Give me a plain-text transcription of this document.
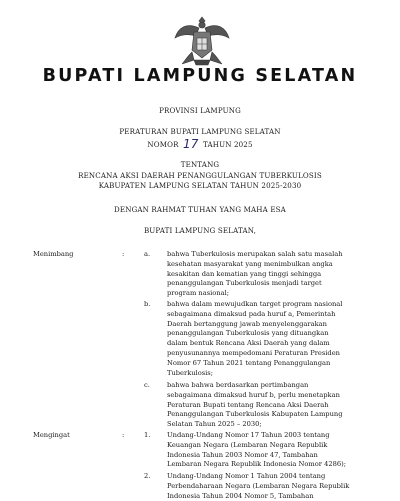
BUPATI LAMPUNG SELATAN
PROVINSI LAMPUNG
PERATURAN BUPATI LAMPUNG SELATAN
NOMOR 17 TAHUN 2025
TENTANG
RENCANA AKSI DAERAH PENANGGULANGAN TUBERKULOSIS
KABUPATEN LAMPUNG SELATAN TAHUN 2025-2030
DENGAN RAHMAT TUHAN YANG MAHA ESA
BUPATI LAMPUNG SELATAN,
Menimbang	:	a.	bahwa Tuberkulosis merupakan salah satu masalah
kesehatan masyarakat yang menimbulkan angka
kesakitan dan kematian yang tinggi sehingga
penanggulangan Tuberkulosis menjadi target
program nasional;
b. bahwa dalam mewujudkan target program nasional
sebagaimana dimaksud pada huruf a, Pemerintah
Daerah bertanggung jawab menyelenggarakan
penanggulangan Tuberkulosis yang dituangkan
dalam bentuk Rencana Aksi Daerah yang dalam
penyusunannya mempedomani Peraturan Presiden
Nomor 67 Tahun 2021 tentang Penanggulangan
Tuberkulosis;
c.	bahwa bahwa berdasarkan pertimbangan
sebagaimana dimaksud huruf b, perlu menetapkan
Peraturan Bupati tentang Rencana Aksi Daerah
Penanggulangan Tuberkulosis Kabupaten Lampung
Selatan Tahun 2025 – 2030;
Mengingat	:	1. Undang-Undang Nomor 17 Tahun 2003 tentang
Keuangan Negara (Lembaran Negara Republik
Indonesia Tahun 2003 Nomor 47, Tambahan
Lembaran Negara Republik Indonesia Nomor 4286);
2. Undang-Undang Nomor 1 Tahun 2004 tentang
Perbendaharaan Negara (Lembaran Negara Republik
Indonesia Tahun 2004 Nomor 5, Tambahan
